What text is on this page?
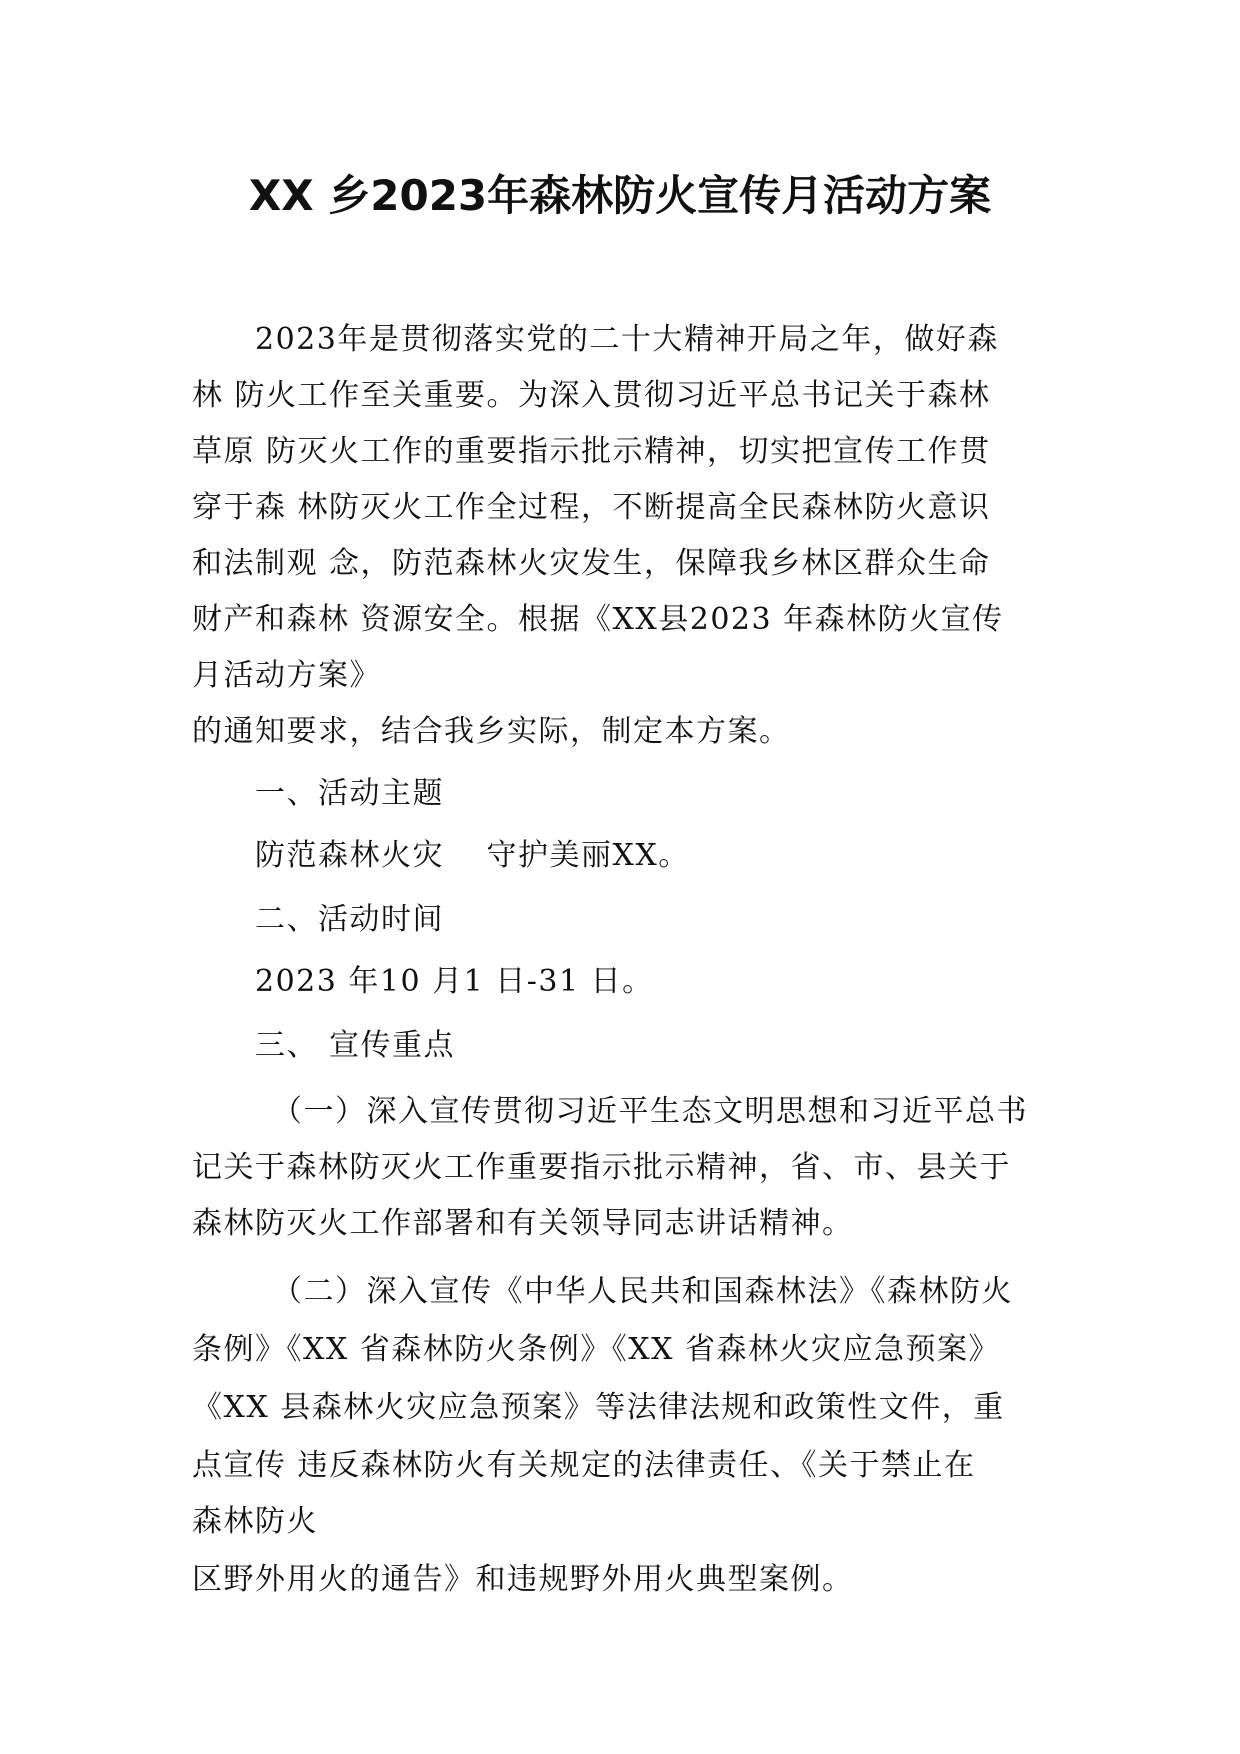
XX 乡2023年森林防火宣传月活动方案
2023年是贯彻落实党的二十大精神开局之年，做好森
林 防火工作至关重要。为深入贯彻习近平总书记关于森林
草原 防灭火工作的重要指示批示精神，切实把宣传工作贯
穿于森 林防灭火工作全过程，不断提高全民森林防火意识
和法制观 念，防范森林火灾发生，保障我乡林区群众生命
财产和森林 资源安全。根据《XX县2023 年森林防火宣传
月活动方案》
的通知要求，结合我乡实际，制定本方案。
一、活动主题
防范森林火灾　 守护美丽XX。
二、活动时间
2023 年10 月1 日-31 日。
三、 宣传重点
（一）深入宣传贯彻习近平生态文明思想和习近平总书
记关于森林防灭火工作重要指示批示精神，省、市、县关于
森林防灭火工作部署和有关领导同志讲话精神。
（二）深入宣传《中华人民共和国森林法》《森林防火
条例》《XX 省森林防火条例》《XX 省森林火灾应急预案》
《XX 县森林火灾应急预案》等法律法规和政策性文件，重
点宣传 违反森林防火有关规定的法律责任、《关于禁止在
森林防火
区野外用火的通告》和违规野外用火典型案例。
